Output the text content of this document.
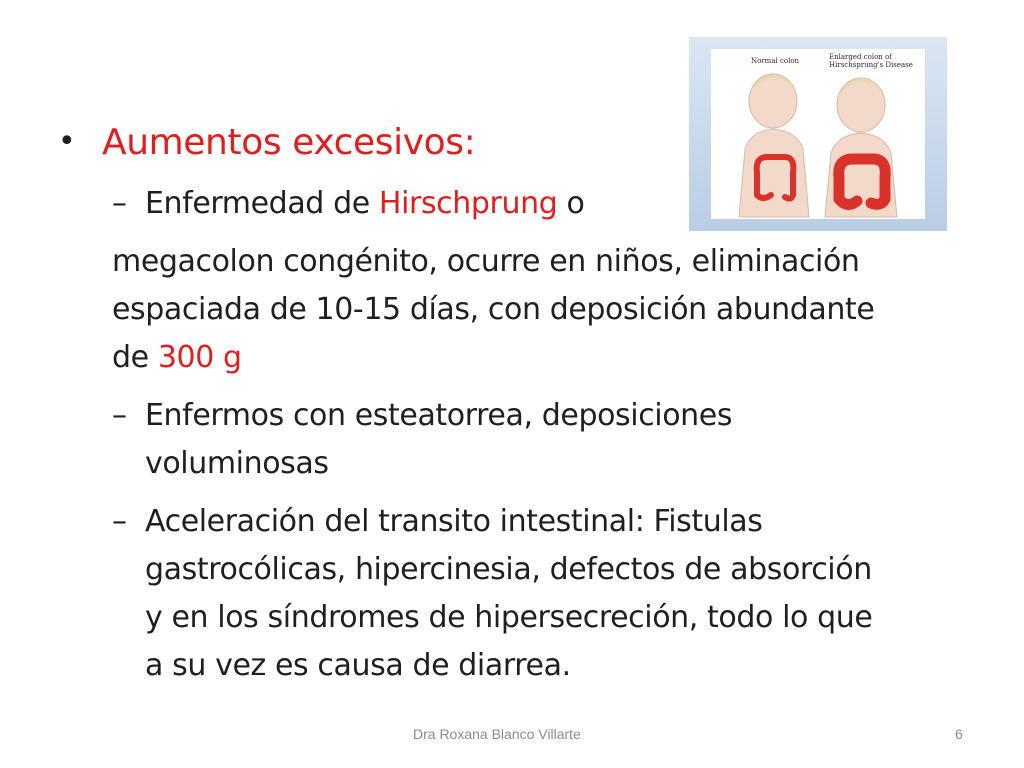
Normal colon	Enlarged colon of Hirschsprung's Disease
• Aumentos excesivos:
– Enfermedad de Hirschprung o
megacolon congénito, ocurre en niños, eliminación
espaciada de 10-15 días, con deposición abundante
de 300 g
– Enfermos con esteatorrea, deposiciones
voluminosas
– Aceleración del transito intestinal: Fistulas
gastrocólicas, hipercinesia, defectos de absorción
y en los síndromes de hipersecreción, todo lo que
a su vez es causa de diarrea.
Dra Roxana Blanco Villarte	6
